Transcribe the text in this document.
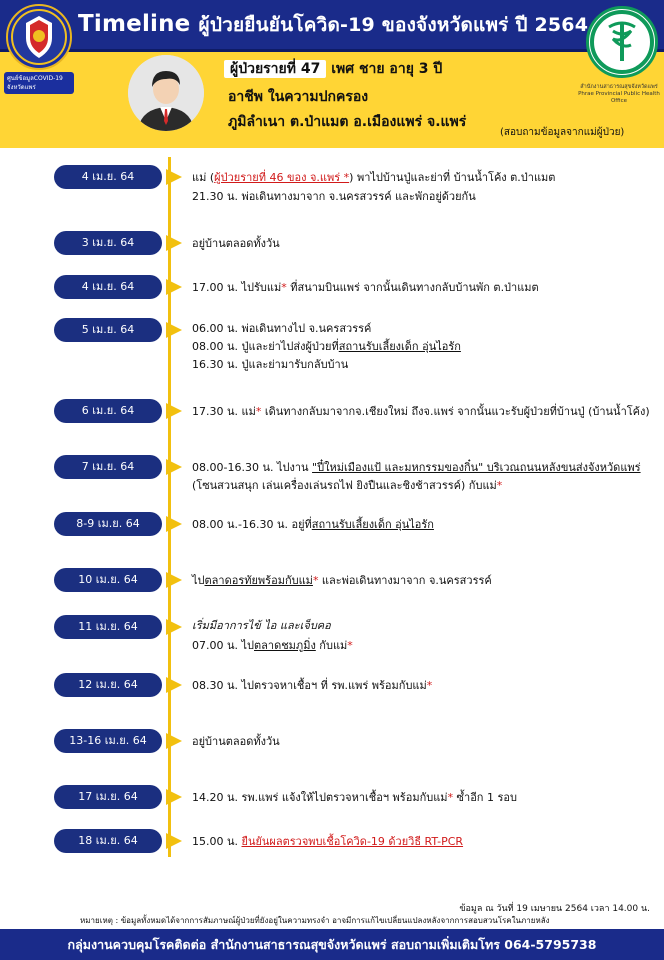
Timeline ผู้ป่วยยืนยันโควิด-19 ของจังหวัดแพร่ ปี 2564
ศูนย์ข้อมูลCOVID-19 จังหวัดแพร่	สำนักงานสาธารณสุขจังหวัดแพร่ Phrae Provincial Public Health Office
ผู้ป่วยรายที่ 47 เพศ ชาย อายุ 3 ปี
อาชีพ ในความปกครอง
ภูมิลำเนา ต.ป่าแมต อ.เมืองแพร่ จ.แพร่
(สอบถามข้อมูลจากแม่ผู้ป่วย)
4 เม.ย. 64	แม่ (ผู้ป่วยรายที่ 46 ของ จ.แพร่ *) พาไปบ้านปู่และย่าที่ บ้านน้ำโค้ง ต.ป่าแมต
21.30 น. พ่อเดินทางมาจาก จ.นครสวรรค์ และพักอยู่ด้วยกัน
3 เม.ย. 64	อยู่บ้านตลอดทั้งวัน
4 เม.ย. 64	17.00 น. ไปรับแม่* ที่สนามบินแพร่ จากนั้นเดินทางกลับบ้านพัก ต.ป่าแมต
5 เม.ย. 64	06.00 น. พ่อเดินทางไป จ.นครสวรรค์
08.00 น. ปู่และย่าไปส่งผู้ป่วยที่สถานรับเลี้ยงเด็ก อุ่นไอรัก
16.30 น. ปู่และย่ามารับกลับบ้าน
6 เม.ย. 64	17.30 น. แม่* เดินทางกลับมาจากจ.เชียงใหม่ ถึงจ.แพร่ จากนั้นแวะรับผู้ป่วยที่บ้านปู่ (บ้านน้ำโค้ง)
7 เม.ย. 64	08.00-16.30 น. ไปงาน "ปี๋ใหม่เมืองแป้ และมหกรรมของกิ๋น" บริเวณถนนหลังขนส่งจังหวัดแพร่
(โซนสวนสนุก เล่นเครื่องเล่นรถไฟ ยิงปืนและชิงช้าสวรรค์) กับแม่*
8-9 เม.ย. 64	08.00 น.-16.30 น. อยู่ที่สถานรับเลี้ยงเด็ก อุ่นไอรัก
10 เม.ย. 64	ไปตลาดอรทัยพร้อมกับแม่* และพ่อเดินทางมาจาก จ.นครสวรรค์
11 เม.ย. 64	เริ่มมีอาการไข้ ไอ และเจ็บคอ
07.00 น. ไปตลาดชมภูมิ่ง กับแม่*
12 เม.ย. 64	08.30 น. ไปตรวจหาเชื้อฯ ที่ รพ.แพร่ พร้อมกับแม่*
13-16 เม.ย. 64	อยู่บ้านตลอดทั้งวัน
17 เม.ย. 64	14.20 น. รพ.แพร่ แจ้งให้ไปตรวจหาเชื้อฯ พร้อมกับแม่* ซ้ำอีก 1 รอบ
18 เม.ย. 64	15.00 น. ยืนยันผลตรวจพบเชื้อโควิด-19 ด้วยวิธี RT-PCR
ข้อมูล ณ วันที่ 19 เมษายน 2564 เวลา 14.00 น.
หมายเหตุ : ข้อมูลทั้งหมดได้จากการสัมภาษณ์ผู้ป่วยที่ยังอยู่ในความทรงจำ อาจมีการแก้ไขเปลี่ยนแปลงหลังจากการสอบสวนโรคในภายหลัง
กลุ่มงานควบคุมโรคติดต่อ สำนักงานสาธารณสุขจังหวัดแพร่ สอบถามเพิ่มเติมโทร 064-5795738
